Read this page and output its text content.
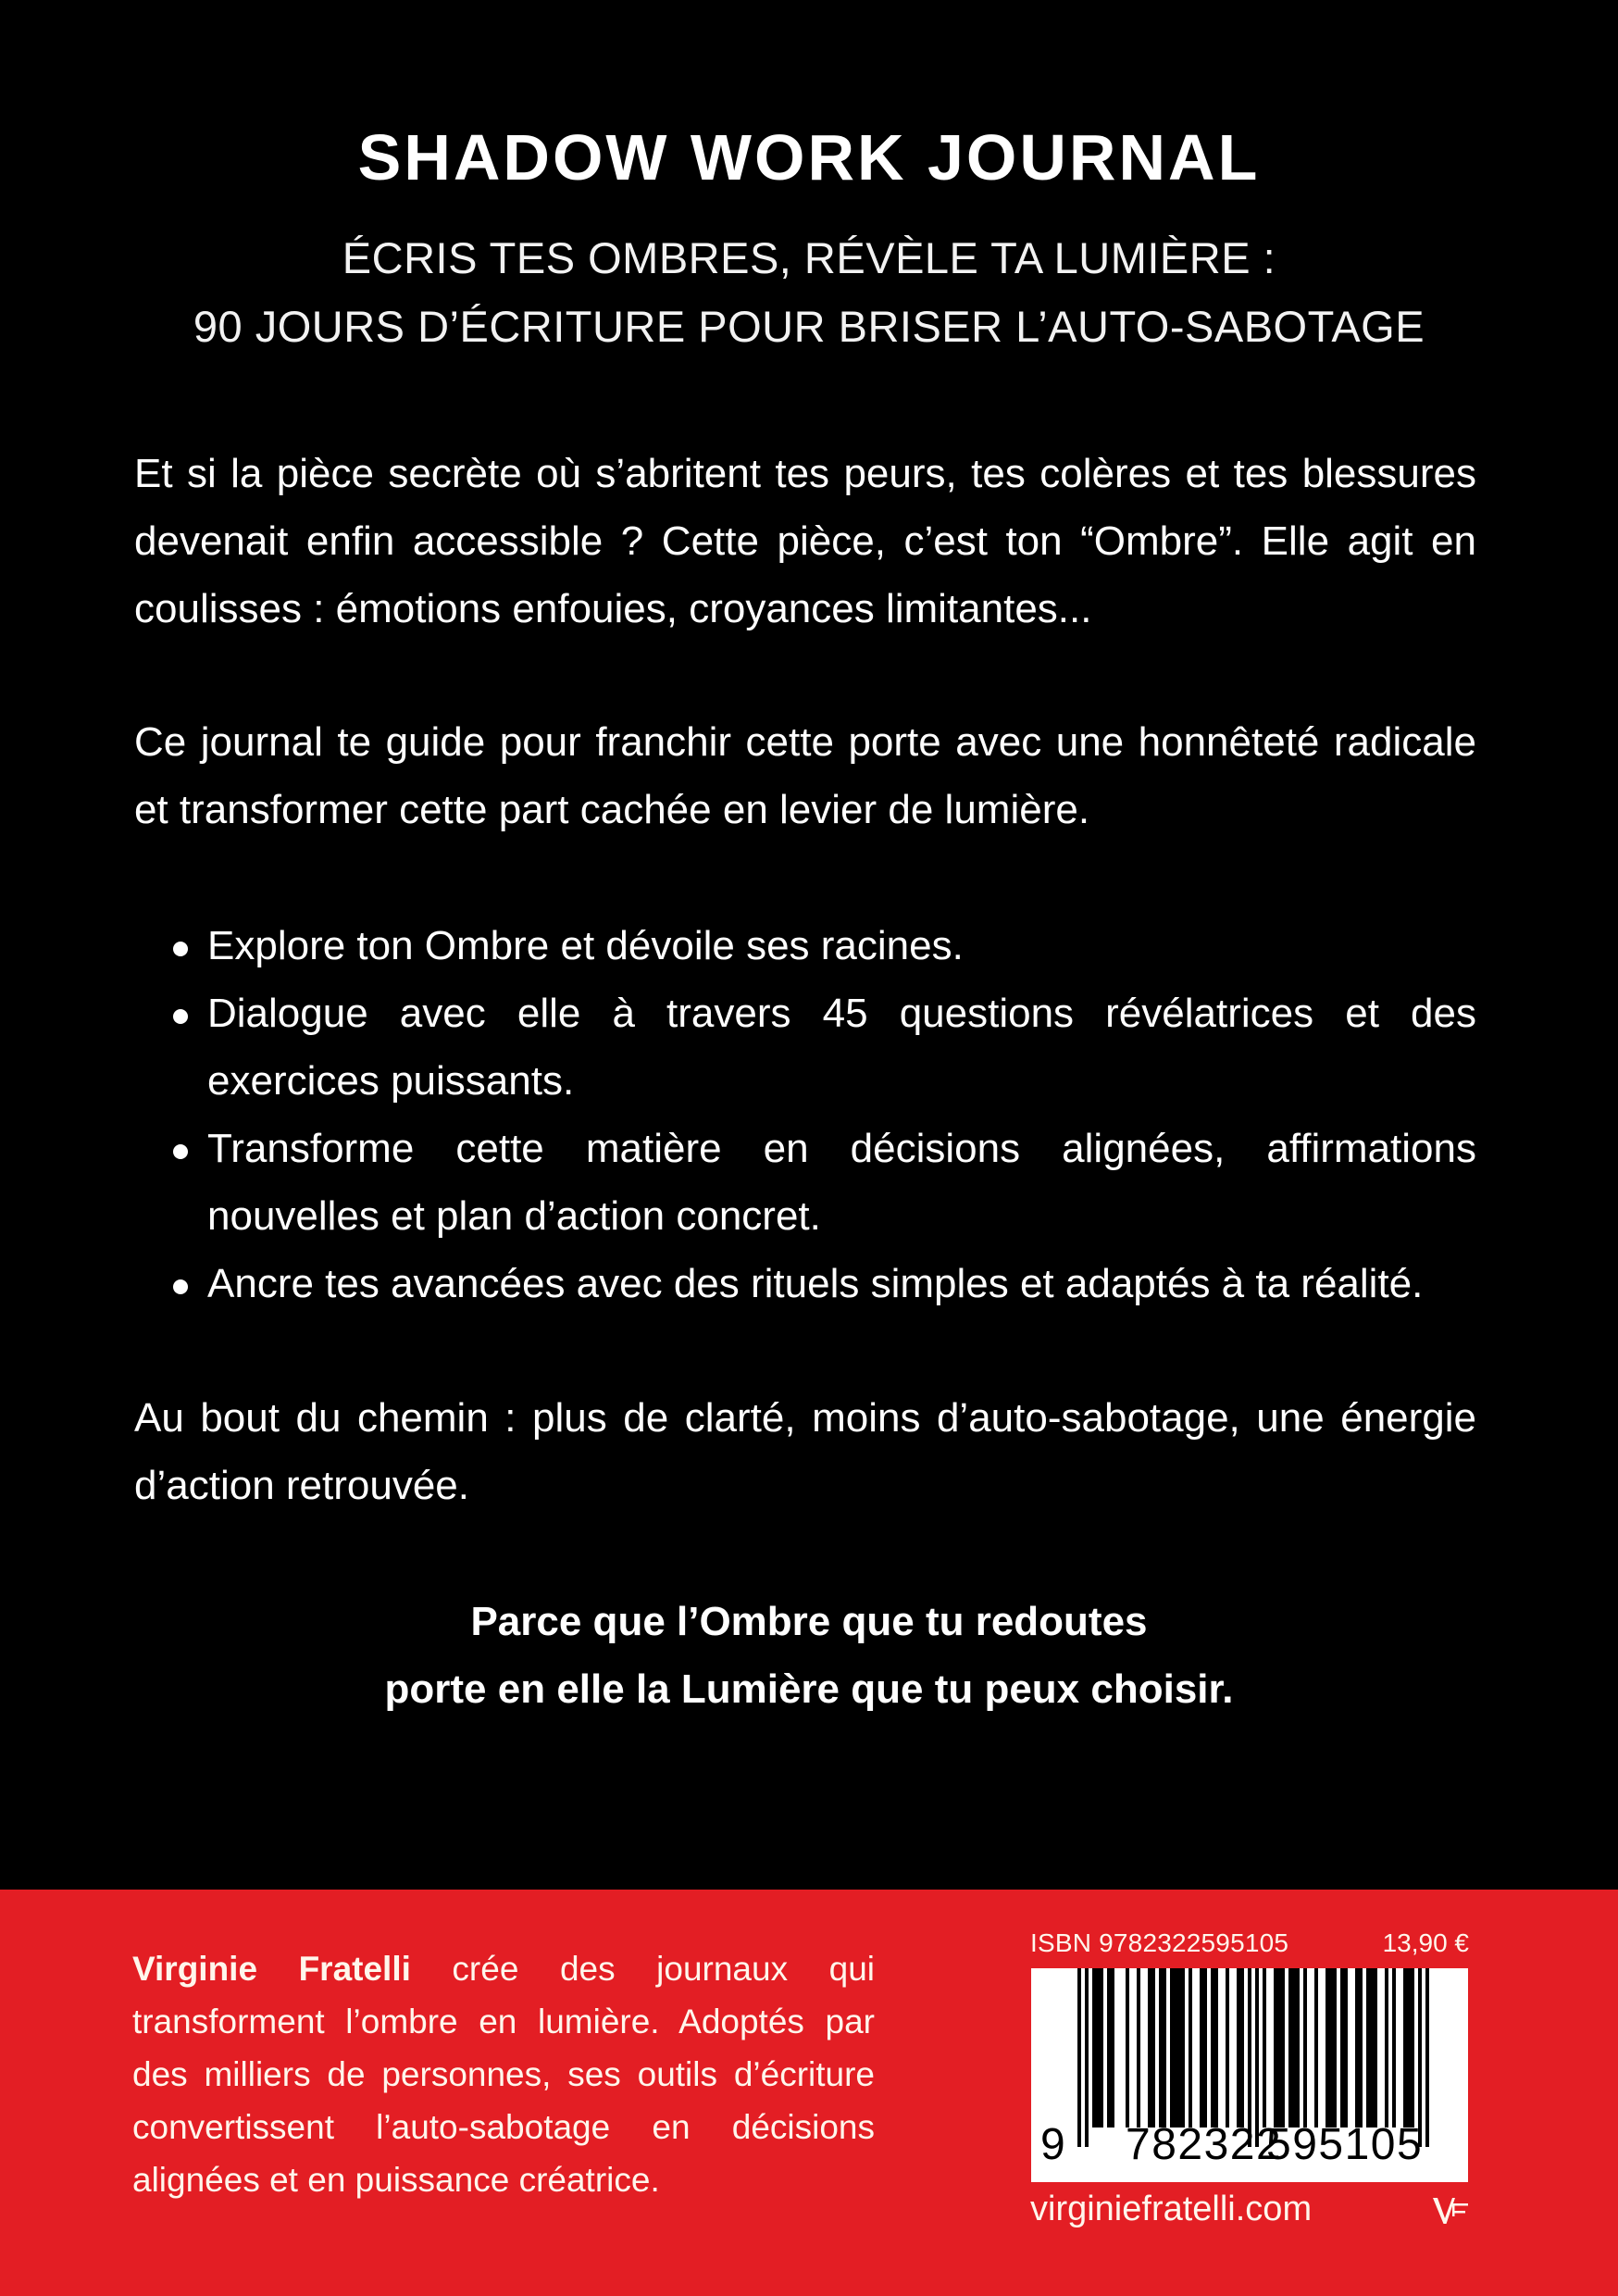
SHADOW WORK JOURNAL
ÉCRIS TES OMBRES, RÉVÈLE TA LUMIÈRE :
90 JOURS D’ÉCRITURE POUR BRISER L’AUTO-SABOTAGE

Et si la pièce secrète où s’abritent tes peurs, tes colères et tes blessures devenait enfin accessible ? Cette pièce, c’est ton “Ombre”. Elle agit en coulisses : émotions enfouies, croyances limitantes...

Ce journal te guide pour franchir cette porte avec une honnêteté radicale et transformer cette part cachée en levier de lumière.

Explore ton Ombre et dévoile ses racines.
Dialogue avec elle à travers 45 questions révélatrices et des exercices puissants.
Transforme cette matière en décisions alignées, affirmations nouvelles et plan d’action concret.
Ancre tes avancées avec des rituels simples et adaptés à ta réalité.

Au bout du chemin : plus de clarté, moins d’auto-sabotage, une énergie d’action retrouvée.

Parce que l’Ombre que tu redoutes
porte en elle la Lumière que tu peux choisir.

Virginie Fratelli crée des journaux qui transforment l’ombre en lumière. Adoptés par des milliers de personnes, ses outils d’écriture convertissent l’auto-sabotage en décisions alignées et en puissance créatrice.

ISBN 9782322595105	13,90 €
9 782322
595105
virginiefratelli.com
